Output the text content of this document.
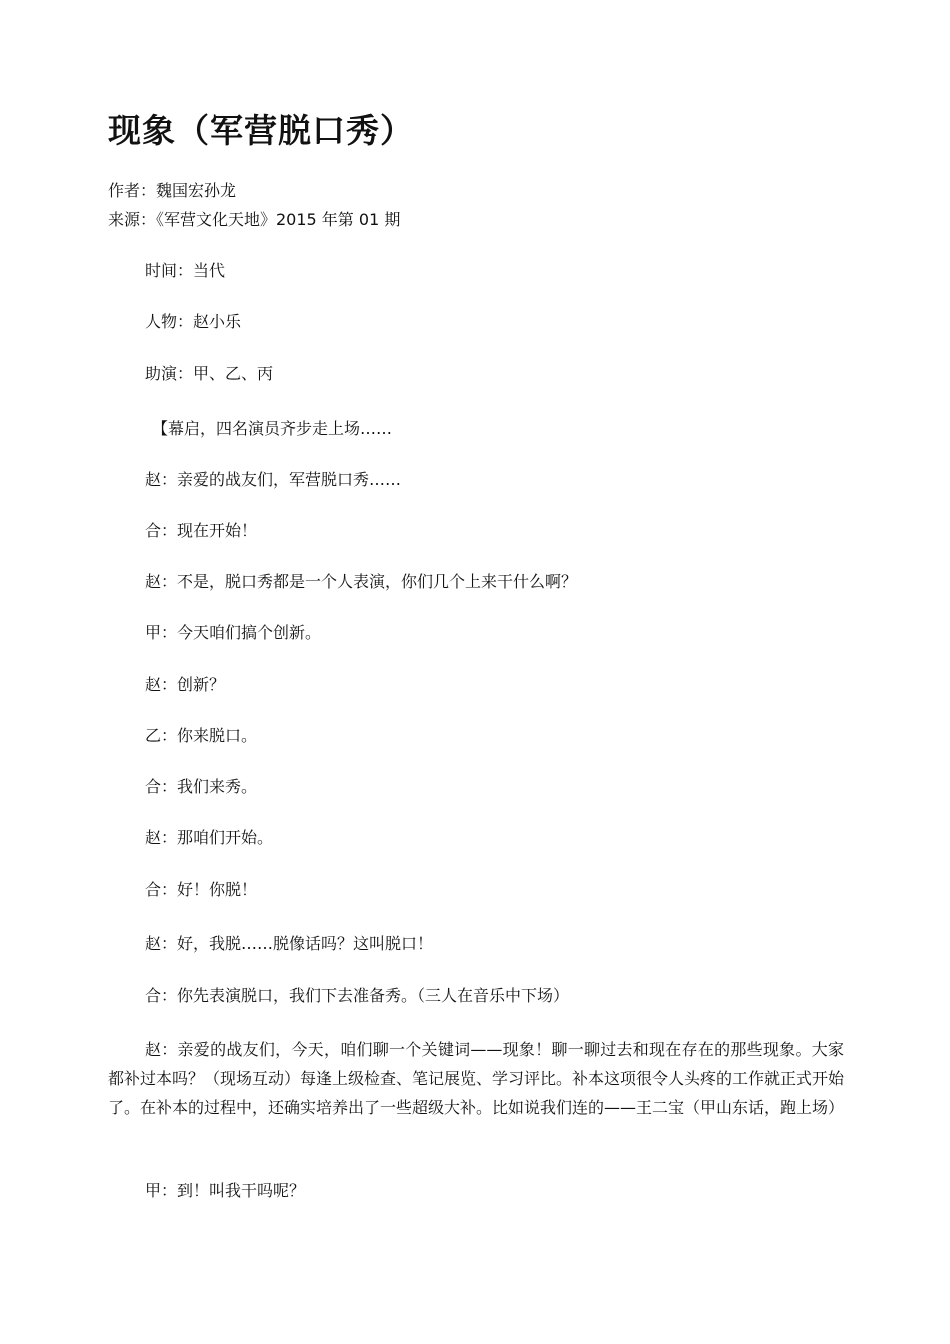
现象（军营脱口秀）

作者：魏国宏孙龙

来源：《军营文化天地》2015 年第 01 期

时间：当代

人物：赵小乐

助演：甲、乙、丙

【幕启，四名演员齐步走上场……

赵：亲爱的战友们，军营脱口秀……

合：现在开始！

赵：不是，脱口秀都是一个人表演，你们几个上来干什么啊？

甲：今天咱们搞个创新。

赵：创新？

乙：你来脱口。

合：我们来秀。

赵：那咱们开始。

合：好！你脱！

赵：好，我脱……脱像话吗？这叫脱口！

合：你先表演脱口，我们下去准备秀。（三人在音乐中下场）

赵：亲爱的战友们，今天，咱们聊一个关键词——现象！聊一聊过去和现在存在的那些现象。大家都补过本吗？（现场互动）每逢上级检查、笔记展览、学习评比。补本这项很令人头疼的工作就正式开始了。在补本的过程中，还确实培养出了一些超级大补。比如说我们连的——王二宝（甲山东话，跑上场）

甲：到！叫我干吗呢？
